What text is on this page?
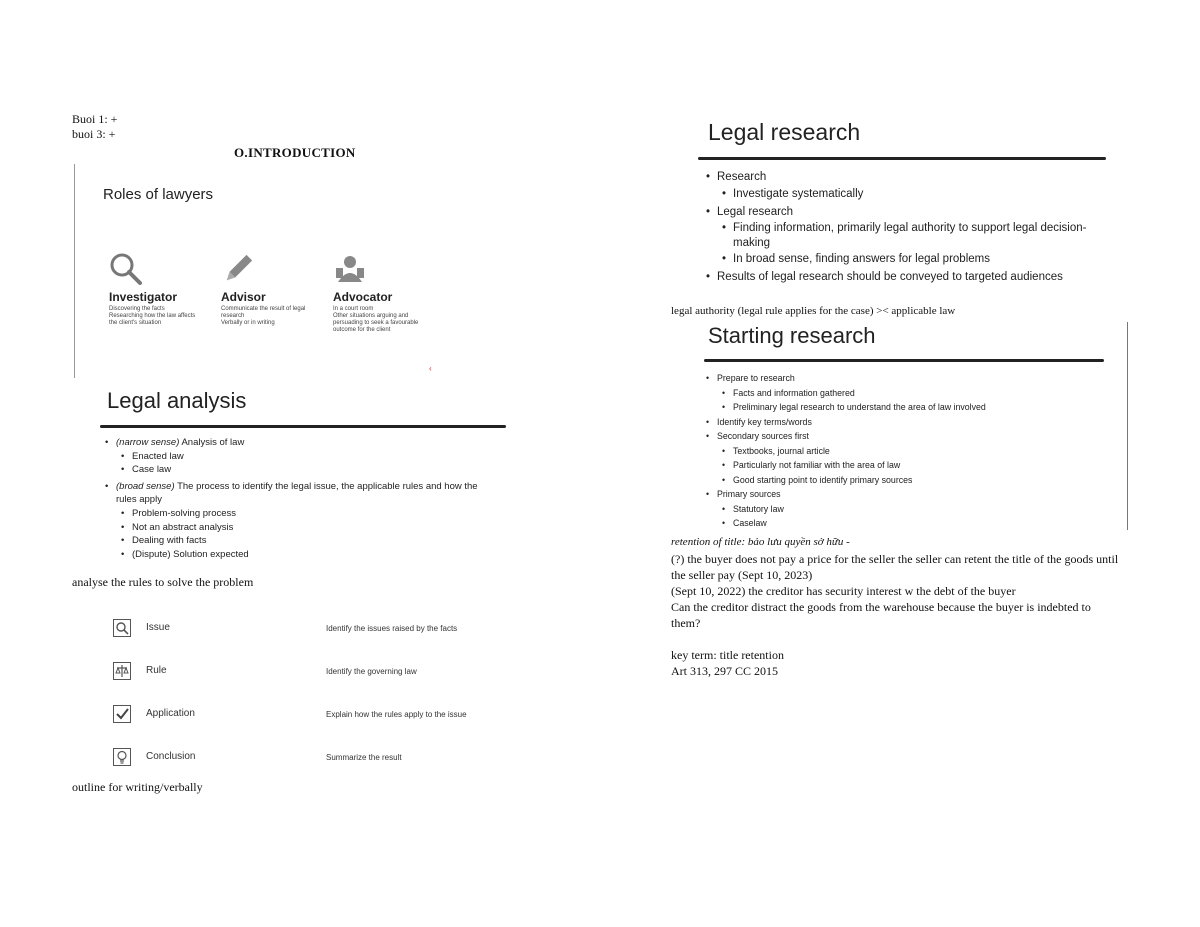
Buoi 1: +
buoi 3: +
O.INTRODUCTION
Roles of lawyers
Investigator
Discovering the facts
Researching how the law affects
the client's situation
Advisor
Communicate the result of legal
research
Verbally or in writing
Advocator
In a court room
Other situations arguing and
persuading to seek a favourable
outcome for the client
‹
Legal analysis
• (narrow sense) Analysis of law
• Enacted law
• Case law
• (broad sense) The process to identify the legal issue, the applicable rules and how the rules apply
• Problem-solving process
• Not an abstract analysis
• Dealing with facts
• (Dispute) Solution expected
analyse the rules to solve the problem
Issue	Identify the issues raised by the facts
Rule	Identify the governing law
Application	Explain how the rules apply to the issue
Conclusion	Summarize the result
outline for writing/verbally
Legal research
• Research
• Investigate systematically
• Legal research
• Finding information, primarily legal authority to support legal decision-making
• In broad sense, finding answers for legal problems
• Results of legal research should be conveyed to targeted audiences
legal authority (legal rule applies for the case) >< applicable law
Starting research
• Prepare to research
• Facts and information gathered
• Preliminary legal research to understand the area of law involved
• Identify key terms/words
• Secondary sources first
• Textbooks, journal article
• Particularly not familiar with the area of law
• Good starting point to identify primary sources
• Primary sources
• Statutory law
• Caselaw
retention of title: bảo lưu quyền sở hữu -
(?) the buyer does not pay a price for the seller the seller can retent the title of the goods until
the seller pay (Sept 10, 2023)
(Sept 10, 2022) the creditor has security interest w the debt of the buyer
Can the creditor distract the goods from the warehouse because the buyer is indebted to
them?
key term: title retention
Art 313, 297 CC 2015
